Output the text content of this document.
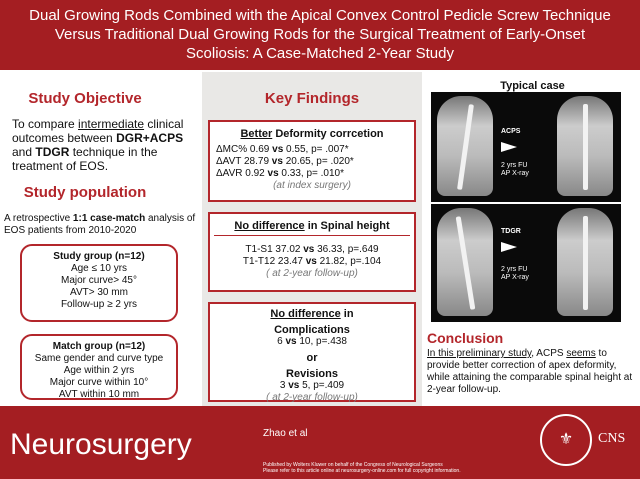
Dual Growing Rods Combined with the Apical Convex Control Pedicle Screw Technique
Versus Traditional Dual Growing Rods for the Surgical Treatment of Early-Onset
Scoliosis: A Case-Matched 2-Year Study
Study Objective
To compare intermediate clinical outcomes between DGR+ACPS and TDGR technique in the treatment of EOS.
Study population
A retrospective 1:1 case-match analysis of EOS patients from 2010-2020
Study group (n=12)
Age ≤ 10 yrs
Major curve> 45°
AVT> 30 mm
Follow-up ≥ 2 yrs
Match group (n=12)
Same gender and curve type
Age within 2 yrs
Major curve within 10°
AVT within 10 mm
Key Findings
Better Deformity corrcetion
ΔMC% 0.69 vs 0.55, p= .007*
ΔAVT 28.79 vs 20.65, p= .020*
ΔAVR 0.92 vs 0.33, p= .010*
(at index surgery)
No difference in Spinal height
T1-S1 37.02 vs 36.33, p=.649
T1-T12 23.47 vs 21.82, p=.104
( at 2-year follow-up)
No difference in
Complications
6 vs 10, p=.438
or
Revisions
3 vs 5, p=.409
( at 2-year follow-up)
Typical case
ACPS
2 yrs FU
AP X-ray
TDGR
2 yrs FU
AP X-ray
Conclusion
In this preliminary study, ACPS seems to provide better correction of apex deformity, while attaining the comparable spinal height at 2-year follow-up.
Neurosurgery	Zhao et al
Published by Wolters Kluwer on behalf of the Congress of Neurological Surgeons
Please refer to this article online at neurosurgery-online.com for full copyright information.
⚜	CNS
